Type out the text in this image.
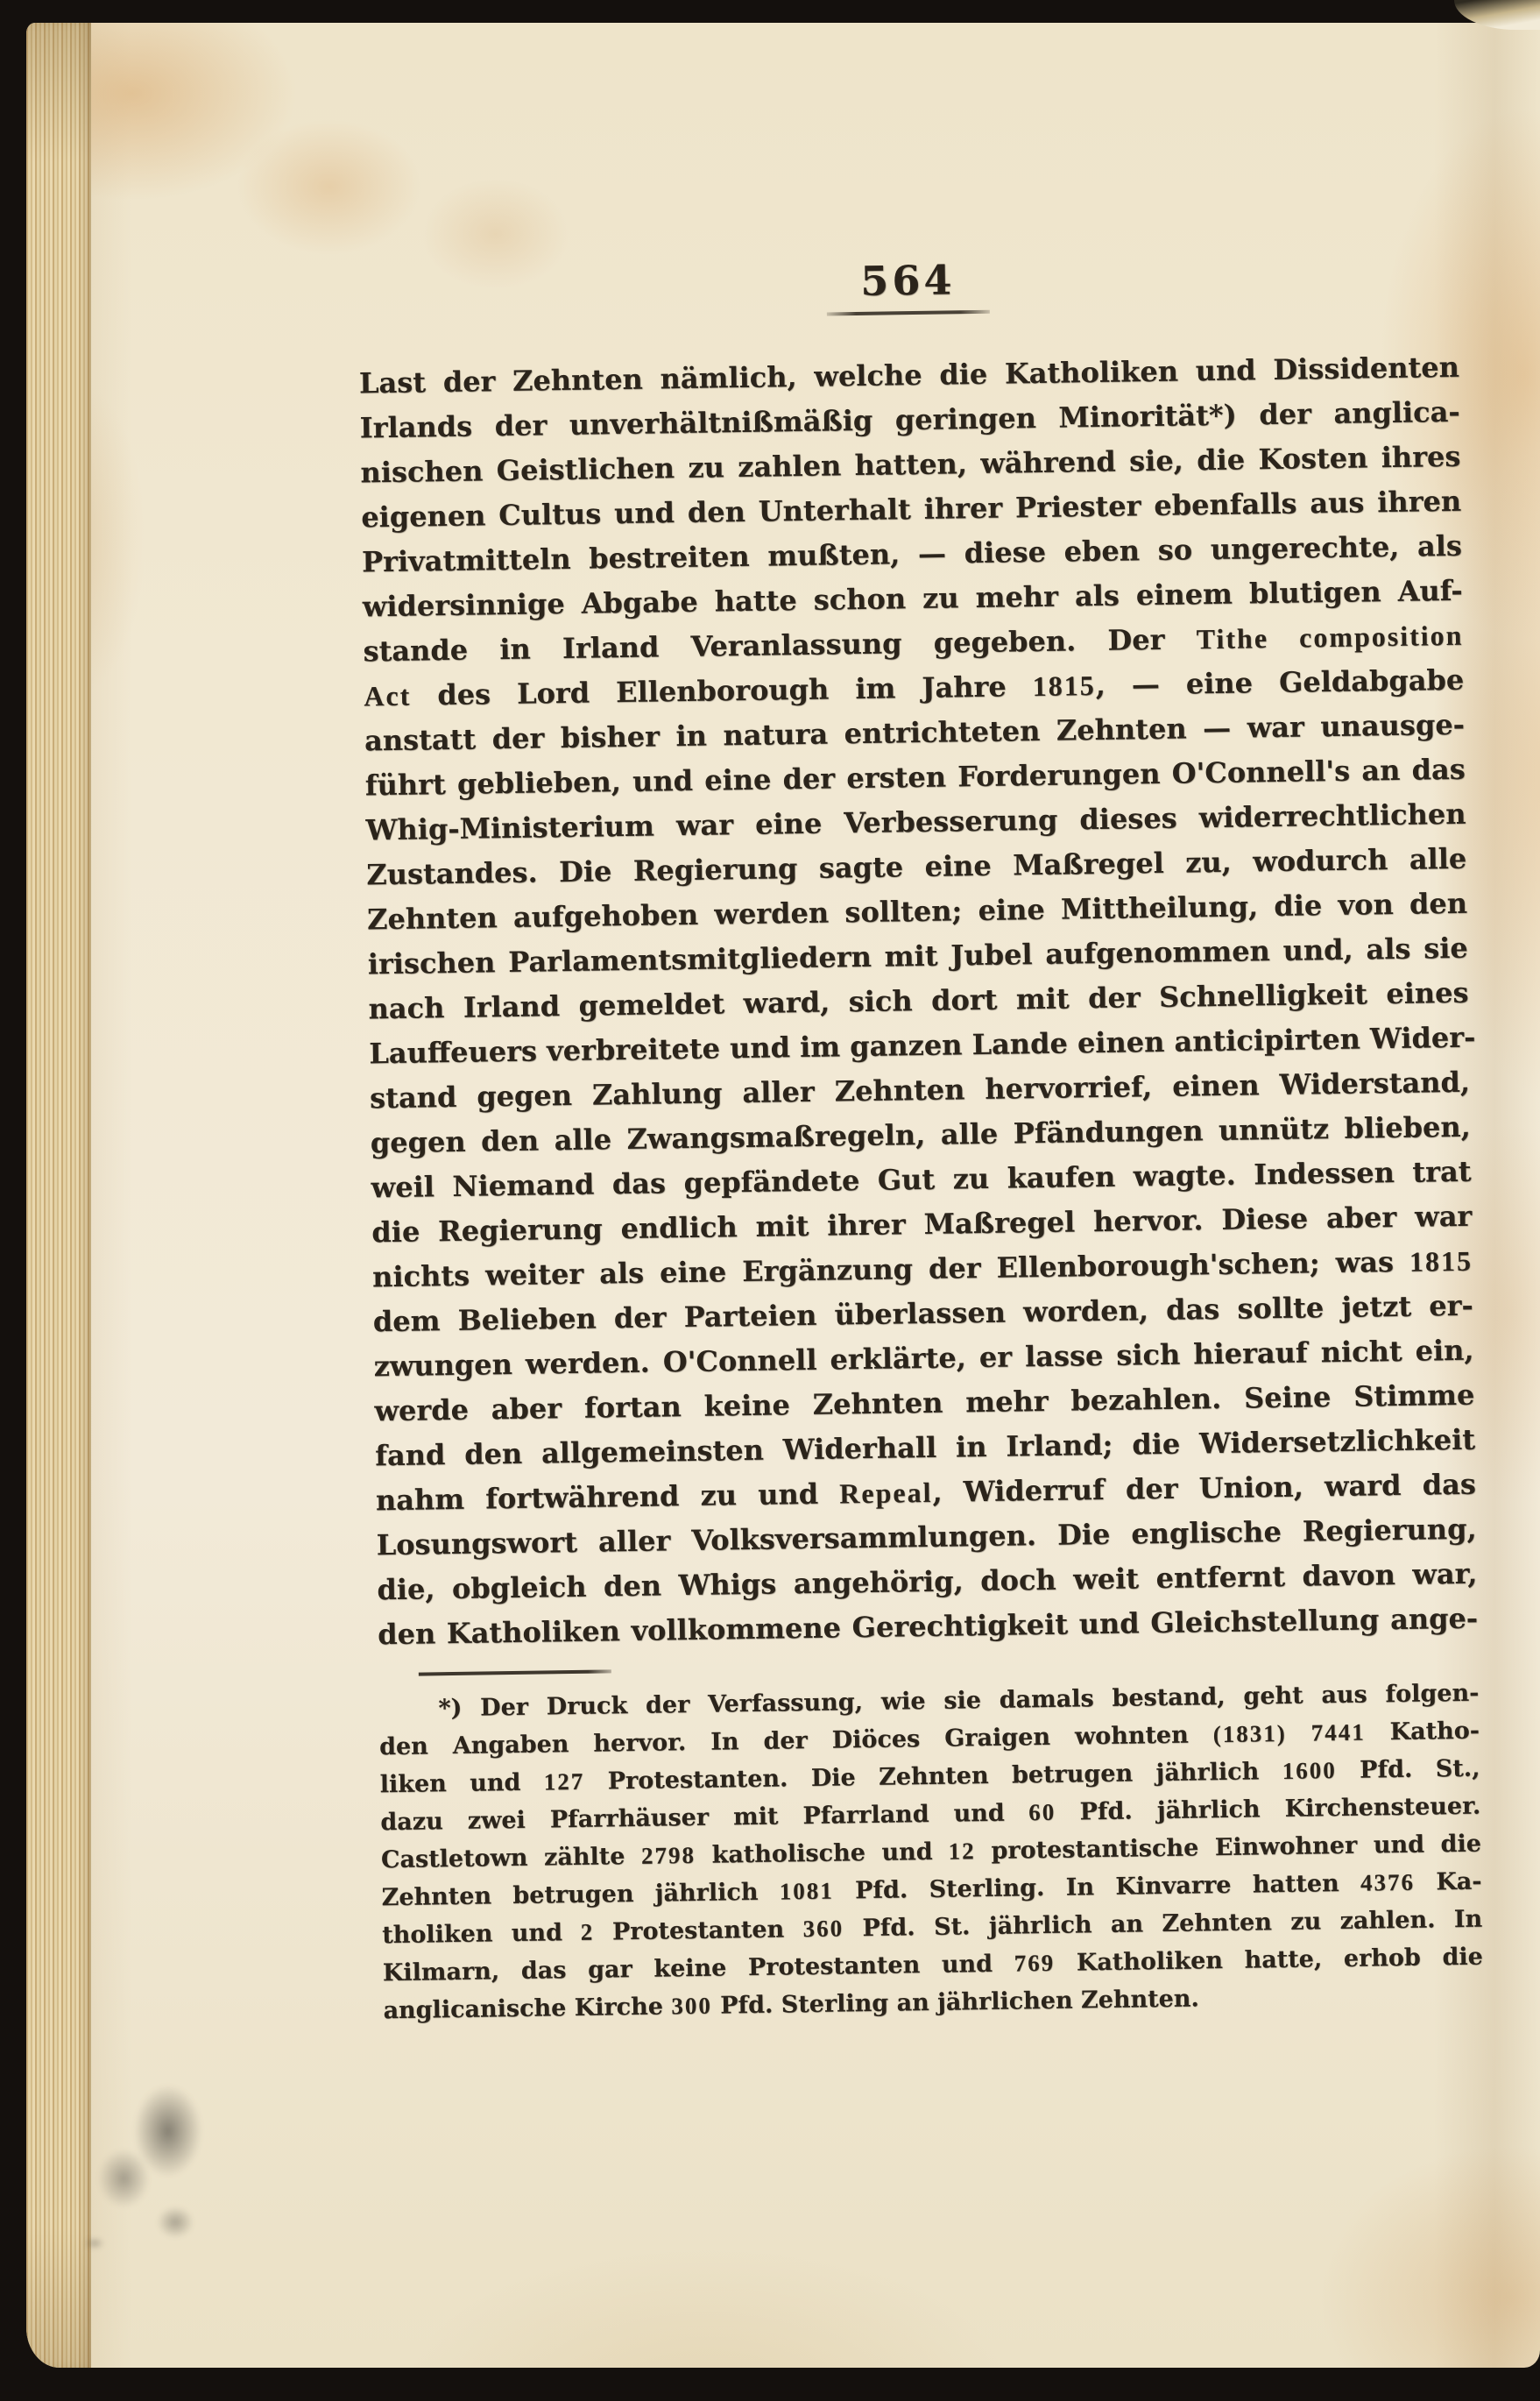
564
Last der Zehnten nämlich, welche die Katholiken und Dissidenten
Irlands der unverhältnißmäßig geringen Minorität*) der anglica-
nischen Geistlichen zu zahlen hatten, während sie, die Kosten ihres
eigenen Cultus und den Unterhalt ihrer Priester ebenfalls aus ihren
Privatmitteln bestreiten mußten, — diese eben so ungerechte, als
widersinnige Abgabe hatte schon zu mehr als einem blutigen Auf-
stande in Irland Veranlassung gegeben. Der Tithe composition
Act des Lord Ellenborough im Jahre 1815, — eine Geldabgabe
anstatt der bisher in natura entrichteten Zehnten — war unausge-
führt geblieben, und eine der ersten Forderungen O'Connell's an das
Whig-Ministerium war eine Verbesserung dieses widerrechtlichen
Zustandes. Die Regierung sagte eine Maßregel zu, wodurch alle
Zehnten aufgehoben werden sollten; eine Mittheilung, die von den
irischen Parlamentsmitgliedern mit Jubel aufgenommen und, als sie
nach Irland gemeldet ward, sich dort mit der Schnelligkeit eines
Lauffeuers verbreitete und im ganzen Lande einen anticipirten Wider-
stand gegen Zahlung aller Zehnten hervorrief, einen Widerstand,
gegen den alle Zwangsmaßregeln, alle Pfändungen unnütz blieben,
weil Niemand das gepfändete Gut zu kaufen wagte. Indessen trat
die Regierung endlich mit ihrer Maßregel hervor. Diese aber war
nichts weiter als eine Ergänzung der Ellenborough'schen; was 1815
dem Belieben der Parteien überlassen worden, das sollte jetzt er-
zwungen werden. O'Connell erklärte, er lasse sich hierauf nicht ein,
werde aber fortan keine Zehnten mehr bezahlen. Seine Stimme
fand den allgemeinsten Widerhall in Irland; die Widersetzlichkeit
nahm fortwährend zu und Repeal, Widerruf der Union, ward das
Losungswort aller Volksversammlungen. Die englische Regierung,
die, obgleich den Whigs angehörig, doch weit entfernt davon war,
den Katholiken vollkommene Gerechtigkeit und Gleichstellung ange-
*) Der Druck der Verfassung, wie sie damals bestand, geht aus folgen-
den Angaben hervor. In der Diöces Graigen wohnten (1831) 7441 Katho-
liken und 127 Protestanten. Die Zehnten betrugen jährlich 1600 Pfd. St.,
dazu zwei Pfarrhäuser mit Pfarrland und 60 Pfd. jährlich Kirchensteuer.
Castletown zählte 2798 katholische und 12 protestantische Einwohner und die
Zehnten betrugen jährlich 1081 Pfd. Sterling. In Kinvarre hatten 4376 Ka-
tholiken und 2 Protestanten 360 Pfd. St. jährlich an Zehnten zu zahlen. In
Kilmarn, das gar keine Protestanten und 769 Katholiken hatte, erhob die
anglicanische Kirche 300 Pfd. Sterling an jährlichen Zehnten.
